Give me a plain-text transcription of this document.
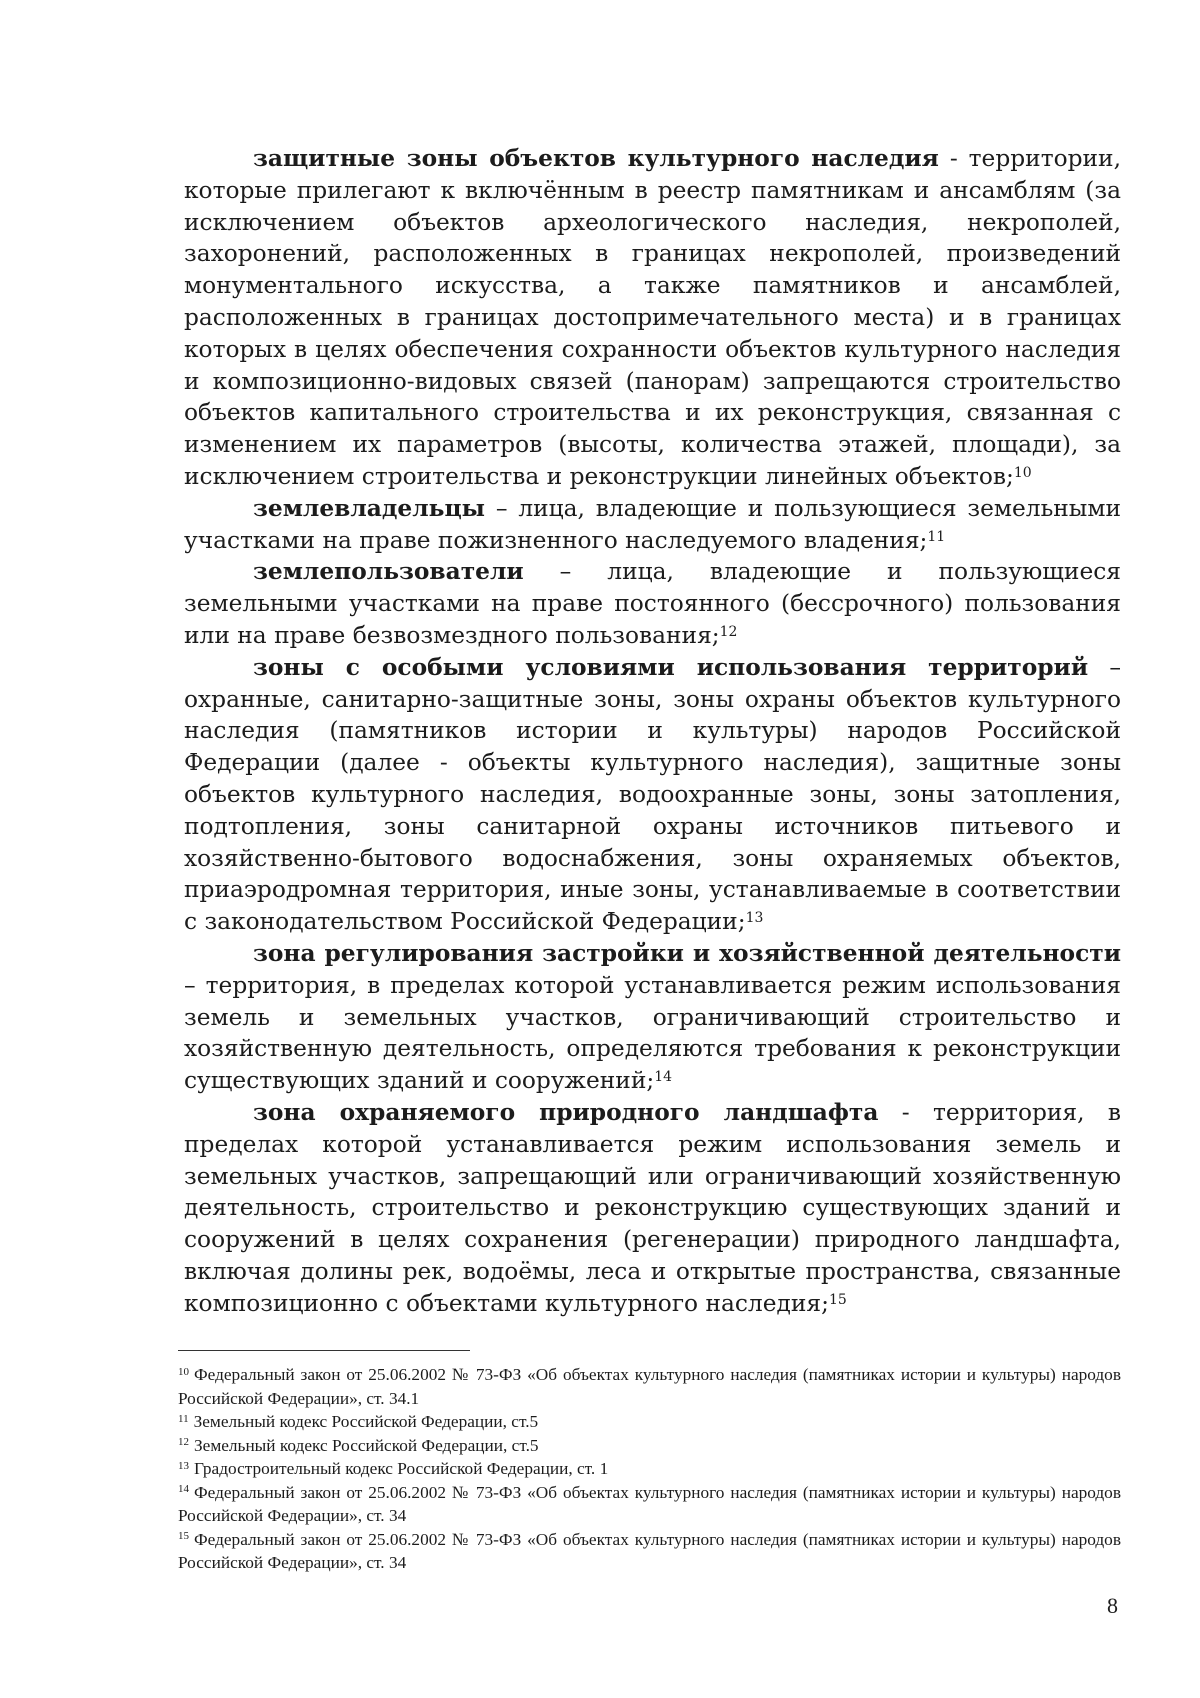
защитные зоны объектов культурного наследия - территории, которые прилегают к включённым в реестр памятникам и ансамблям (за исключением объектов археологического наследия, некрополей, захоронений, расположенных в границах некрополей, произведений монументального искусства, а также памятников и ансамблей, расположенных в границах достопримечательного места) и в границах которых в целях обеспечения сохранности объектов культурного наследия и композиционно-видовых связей (панорам) запрещаются строительство объектов капитального строительства и их реконструкция, связанная с изменением их параметров (высоты, количества этажей, площади), за исключением строительства и реконструкции линейных объектов;$^{10}$

землевладельцы – лица, владеющие и пользующиеся земельными участками на праве пожизненного наследуемого владения;$^{11}$

землепользователи – лица, владеющие и пользующиеся земельными участками на праве постоянного (бессрочного) пользования или на праве безвозмездного пользования;$^{12}$

зоны с особыми условиями использования территорий – охранные, санитарно-защитные зоны, зоны охраны объектов культурного наследия (памятников истории и культуры) народов Российской Федерации (далее - объекты культурного наследия), защитные зоны объектов культурного наследия, водоохранные зоны, зоны затопления, подтопления, зоны санитарной охраны источников питьевого и хозяйственно-бытового водоснабжения, зоны охраняемых объектов, приаэродромная территория, иные зоны, устанавливаемые в соответствии с законодательством Российской Федерации;$^{13}$

зона регулирования застройки и хозяйственной деятельности – территория, в пределах которой устанавливается режим использования земель и земельных участков, ограничивающий строительство и хозяйственную деятельность, определяются требования к реконструкции существующих зданий и сооружений;$^{14}$

зона охраняемого природного ландшафта - территория, в пределах которой устанавливается режим использования земель и земельных участков, запрещающий или ограничивающий хозяйственную деятельность, строительство и реконструкцию существующих зданий и сооружений в целях сохранения (регенерации) природного ландшафта, включая долины рек, водоёмы, леса и открытые пространства, связанные композиционно с объектами культурного наследия;$^{15}$

$^{10}$ Федеральный закон от 25.06.2002 № 73-ФЗ «Об объектах культурного наследия (памятниках истории и культуры) народов Российской Федерации», ст. 34.1

$^{11}$ Земельный кодекс Российской Федерации, ст.5

$^{12}$ Земельный кодекс Российской Федерации, ст.5

$^{13}$ Градостроительный кодекс Российской Федерации, ст. 1

$^{14}$ Федеральный закон от 25.06.2002 № 73-ФЗ «Об объектах культурного наследия (памятниках истории и культуры) народов Российской Федерации», ст. 34

$^{15}$ Федеральный закон от 25.06.2002 № 73-ФЗ «Об объектах культурного наследия (памятниках истории и культуры) народов Российской Федерации», ст. 34

8
